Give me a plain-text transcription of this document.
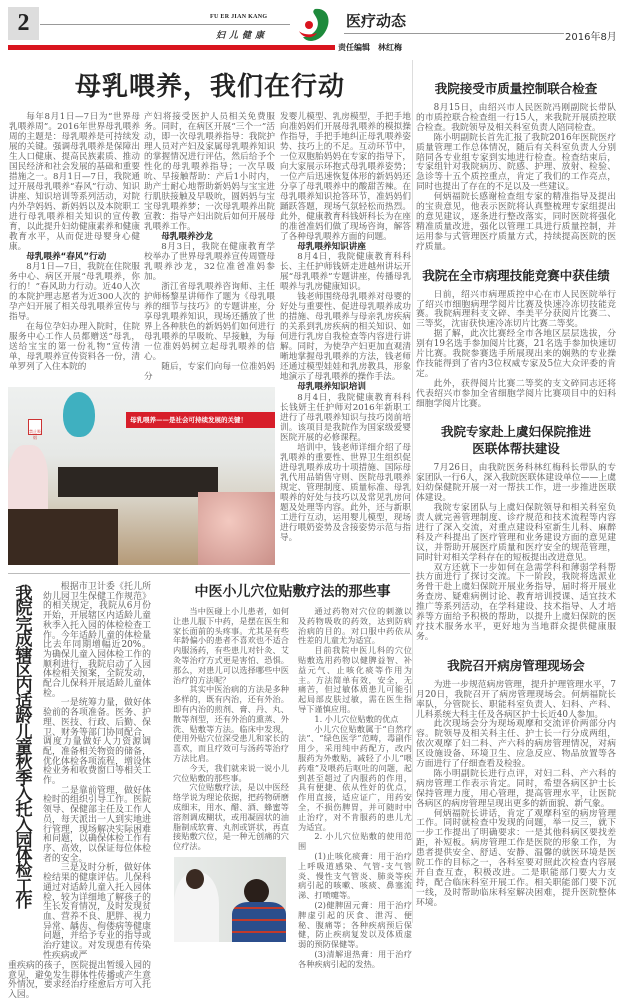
2	FU ER JIAN KANG
妇儿健康
医疗动态
2016年8月
责任编辑　林红梅
母乳喂养，我们在行动

每年8月1日—7日为“世界母乳喂养周”。2016年世界母乳喂养周的主题是：母乳喂养是可持续发展的关键。强调母乳喂养是保障出生人口健康、提高民族素质、推动国民经济和社会发展的基础和重要措施之一。8月1日—7日，我院通过开展母乳喂养“春风”行动、知识讲座、知识培训等系列活动，对院内外孕妈妈、新妈妈以及本院职工进行母乳喂养相关知识的宣传教育，以此提升妇幼健康素养和健康教育水平，从而促进母婴身心健康。

母乳喂养“春风”行动

8月1日—7日，我院在住院服务中心、病区开展“母乳喂养，你行的！”春风助力行动。近40人次的本院护理志愿者为近300人次的孕产妇开展了相关母乳喂养宣传与指导。

在每位孕妇办理入院时，住院服务中心工作人员都赠送“母乳，送给宝宝的第一份礼物”宣传清单，母乳喂养宣传资料各一份，清单罗列了入住本院的

产妇将接受医护人员相关免费服务。同时，在病区开展“三个一”活动，即一次母乳喂养指导：我院护理人员对产妇及家属母乳喂养知识的掌握情况进行评估，然后给予个性化的母乳喂养指导；一次早吸吮、早接触帮助：产后1小时内，助产士耐心地帮助新妈妈与宝宝进行肌肤接触及早吸吮，圆妈妈与宝宝母乳喂养梦；一次母乳喂养出院宣教：指导产妇出院后如何开展母乳喂养工作。

母乳喂养沙龙

8月3日，我院在健康教育学校举办了世界母乳喂养宣传周暨母乳喂养沙龙，32位准爸准妈参加。

浙江省母乳喂养咨询师、主任护师杨黎星讲师作了题为《母乳喂养的细节与技巧》的专题讲座，分享母乳喂养知识，现场还播放了世界上各种肤色的新妈妈们如何进行母乳喂养的早吸吮、早接触，为每一位准妈妈树立起母乳喂养的信心。

随后，专家们向每一位准妈妈分

发婴儿模型、乳房模型，手把手地向准妈妈们开展母乳喂养的模拟操作指导，手把手地纠正母乳喂养姿势、技巧上的不足。互动环节中，一位双胞胎妈妈在专家的指导下，向大家展示环抱式母乳喂养姿势；一位产后迅速恢复体形的新妈妈还分享了母乳喂养中的酸甜苦辣。在母乳喂养知识抢答环节，准妈妈们踊跃答题，现场气氛轻松而热烈。此外，健康教育科钱妍科长为在座的准爸准妈们做了现场咨询，解答了各种母乳喂养方面的问题。

母乳喂养知识讲座

8月4日，我院健康教育科科长、主任护师钱妍走进越州讲坛开展“母乳喂养”专题讲座，传播母乳喂养与乳房健康知识。

钱老师围绕母乳喂养对母婴的好处与重要性、促进母乳喂养成功的措施、母乳喂养与母亲乳房疾病的关系到乳房疾病的相关知识、如何进行乳房自我检查等内容进行讲解。同时，为使孕产妇更加直观清晰地掌握母乳喂养的方法，钱老师还通过模型娃娃和乳房教具，形象地演示了母乳喂养的操作手法。

母乳喂养知识培训

8月4日，我院健康教育科科长钱妍主任护师对2016年新职工进行了母乳喂养知识与技巧岗前培训。该项目是我院作为国家级爱婴医院开展的必修课程。

培训中，钱老师详细介绍了母乳喂养的重要性、世界卫生组织促进母乳喂养成功十项措施、国际母乳代用品销售守则、医院母乳喂养规定、管理制度、质量标准、母乳喂养的好处与技巧以及常见乳房问题及处理等内容。此外，还与新职工进行互动，运用婴儿模型，现场进行喂奶姿势及含接姿势示范与指导。

母乳喂养——是社会可持续发展的关键！
禁止吸烟
我院接受市质量控制联合检查

8月15日，由绍兴市人民医院冯刚副院长带队的市质控联合检查组一行15人，来我院开展质控联合检查。我院领导及相关科室负责人陪同检查。

陈小明副院长首先汇报了我院2016年医院医疗质量管理工作总体情况，随后有关科室负责人分别陪同各专业组专家到实地进行检查。检查结束后，专家组针对我院病历、院感、护理、放射、检验、急诊等十五个质控重点，肯定了我们的工作亮点，同时也提出了存在的不足以及一些建议。

何炳福院长感谢检查组专家的精准指导及提出的宝贵意见，他表示医院将认真整梳理专家组提出的意见建议，逐条进行整改落实，同时医院将强化精准质量改进，强化以管理工具进行质量控制，并运用参与式管理医疗质量方式，持续提高医院的医疗质量。

我院在全市病理技能竞赛中获佳绩

日前，绍兴市病理质控中心在市人民医院举行了绍兴市细胞病理学阅片比赛及快速冷冻切技能竞赛。我院病理科支文碎、李美平分获阅片比赛二、三等奖，沈宙获快速冷冻切片比赛二等奖。

据了解，此次比赛经全市各地区层层选拔，分别有19名选手参加阅片比赛，21名选手参加快速切片比赛。我院参赛选手所展现出来的娴熟的专业操作技能得到了省内3位权威专家及5位大众评委的肯定。

此外，获得阅片比赛二等奖的支文碎同志还将代表绍兴市参加全省细胞学阅片比赛项目中的妇科细胞学阅片比赛。

我院专家赴上虞妇保院推进
医联体帮扶建设

7月26日，由我院医务科林红梅科长带队的专家团队一行6人，深入我院医联体建设单位——上虞妇幼保健院开展一对一帮扶工作，进一步推进医联体建设。

我院专家团队与上虞妇保院领导和相关科室负责人就完善管理制度、诊疗规范和技术流程等内容进行了深入交流，对重点建设科室新生儿科、麻醉科及产科提出了医疗管理和业务建设方面的意见建议，并帮助开展医疗质量和医疗安全的规范管理，同时针对相关学科存在的短板提出改进意见。

双方还就下一步如何在急需学科和薄弱学科帮扶方面进行了探讨交流。下一阶段，我院将选派业务骨干赴上虞妇保院开展业务指导，届时将开展业务查房、疑难病例讨论、教育培训授课、适宜技术推广等系列活动，在学科建设、技术指导、人才培养等方面给予积极的帮助，以提升上虞妇保院的医疗技术服务水平，更好地为当地群众提供健康服务。

我院召开病房管理现场会

为进一步规范病房管理，提升护理管理水平，7月20日，我院召开了病房管理现场会。何炳福院长率队，分管院长、职能科室负责人、妇科、产科、儿科系统大科主任及各病区护士长近40人参加。

此次现场会分为现场观摩和交流评价两部分内容。院领导及相关科主任、护士长一行分成两组，依次观摩了妇二科、产六科的病房管理情况，对病区设施设备、环境卫生、应急反应、物品放置等各方面进行了仔细查看及检验。

陈小明副院长进行点评，对妇二科、产六科的病房管理工作表示肯定。同时，希望各病区护士长保持管理力度，用心管理，提高管理水平，让医院各病区的病房管理呈现出更多的新面貌、新气象。

何炳福院长讲话，肯定了观摩科室的病房管理工作。同时就检查中发现的问题，举一反三，就下一步工作提出了明确要求：一是其他科病区要找差距，补短板。病房管理工作是医院的形象工作，为患者提供安全、舒适、安静、温馨的就医环境是医院工作的目标之一，各科室要对照此次检查内容展开自查互查，积极改进。二是职能部门要大力支持，配合临床科室开展工作。相关职能部门要下沉一线，及时帮助临床科室解决困难，提升医院整体环境。

我院完成辖区内适龄儿童秋季入托入园体检工作

根据市卫计委《托儿所幼儿园卫生保健工作规范》的相关规定，我院从6月份开始，开展辖区内适龄儿童秋季入托入园的体检检查工作。今年适龄儿童的体检量比去年同期增幅近20%。为确保儿童入园体检工作的顺利进行，我院启动了入园体检相关预案，全院发动，配合儿保科开展适龄儿童体检。

一是统筹力量，做好体验前的各项准备。医务、护理、医技、行政、后勤、保卫、财务等部门协同配合，调度力量做好人力资源调配，准备相关物资的储备，优化体检各项流程，增设体检业务和收费窗口等相关工作。

二是靠前管理，做好体检时的组织引导工作。医院领导、保健部主任及工作人员，每天派出一人到实地进行管理，现场解决实际困难和问题，以确保体检工作有序、高效，以保证每位体检者的安全。

三是及时分析，做好体检结果的健康评估。儿保科通过对适龄儿童入托入园体检，较为详细地了解孩子的生长发育情况，及时发现贫血、营养不良、肥胖、视力异常、龋齿、佝偻病等健康问题，并给予专业的指导或治疗建议。对发现患有传染性疾病或严

重疾病的孩子，医院提出暂缓入园的意见，避免发生群体性传播或产生意外情况，要求经治疗痊愈后方可入托入园。
中医小儿穴位贴敷疗法的那些事

当中医碰上小儿患者，如何让患儿服下中药，是摆在医生和家长面前的头疼事。尤其是有些年龄偏小的患者不喜欢也不适合内服汤药，有些患儿对针灸、艾灸等治疗方式更是害怕、恐惧。那么，对患儿可以选择哪些中医治疗的方法呢？

其实中医治病的方法是多种多样的，既有内治，还有外治。即有内治的煎剂、膏、丹、丸、散等剂型，还有外治的熏蒸、外洗、贴敷等方法。临床中发现，使用外贴穴位深受患儿和家长的喜欢，而且疗效可与汤药等治疗方法比肩。

今天，我们就来说一说小儿穴位贴敷的那些事。

穴位贴敷疗法，是以中医经络学说为理论依据，把药物研磨成细末，用水、醋、酒、蜂蜜等溶剂调成糊状，或用凝固状的油脂制成软膏、丸剂或饼状，再直接贴敷穴位，是一种无创痛的穴位疗法。

通过药物对穴位的刺激以及药物吸收的药效，达到防病治病的目的。对口服中药依从性差的儿童尤为适宜。

目前我院中医儿科的穴位贴敷选用药物以健脾益智、补益元气、止咳化痰等作用为主。方法简单有效，安全，无痛苦，但过敏体质患儿可能引起局部皮肤过敏，需在医生指导下谨慎应用。

1. 小儿穴位贴敷的优点

小儿穴位贴敷属于“自然疗法”、“绿色医学”范畴，毒副作用少，采用纯中药配方，改内服药为外敷贴，减轻了小儿“喂药难”及喂药后呕吐的问题，起到甚至超过了内服药的作用，具有便捷、依从性好的优点，作用直接，适应证广，用药安全，不损伤脾胃，并可随时中止治疗，对不肯服药的患儿尤为适宜。

2. 小儿穴位贴敷的使用范围

(1)止咳化痰膏：用于治疗上呼吸道感染、气管-支气管炎、慢性支气管炎、肺炎等疾病引起的咳嗽、咳痰、鼻塞流涕、打喷嚏等。

(2)健脾固元膏：用于治疗脾虚引起的厌食、泄泻、便秘、腹痛等；各种疾病预后保健，防止疾病复发以及体质虚弱的预防保健等。

(3)清解退热膏：用于治疗各种疾病引起的发热。
